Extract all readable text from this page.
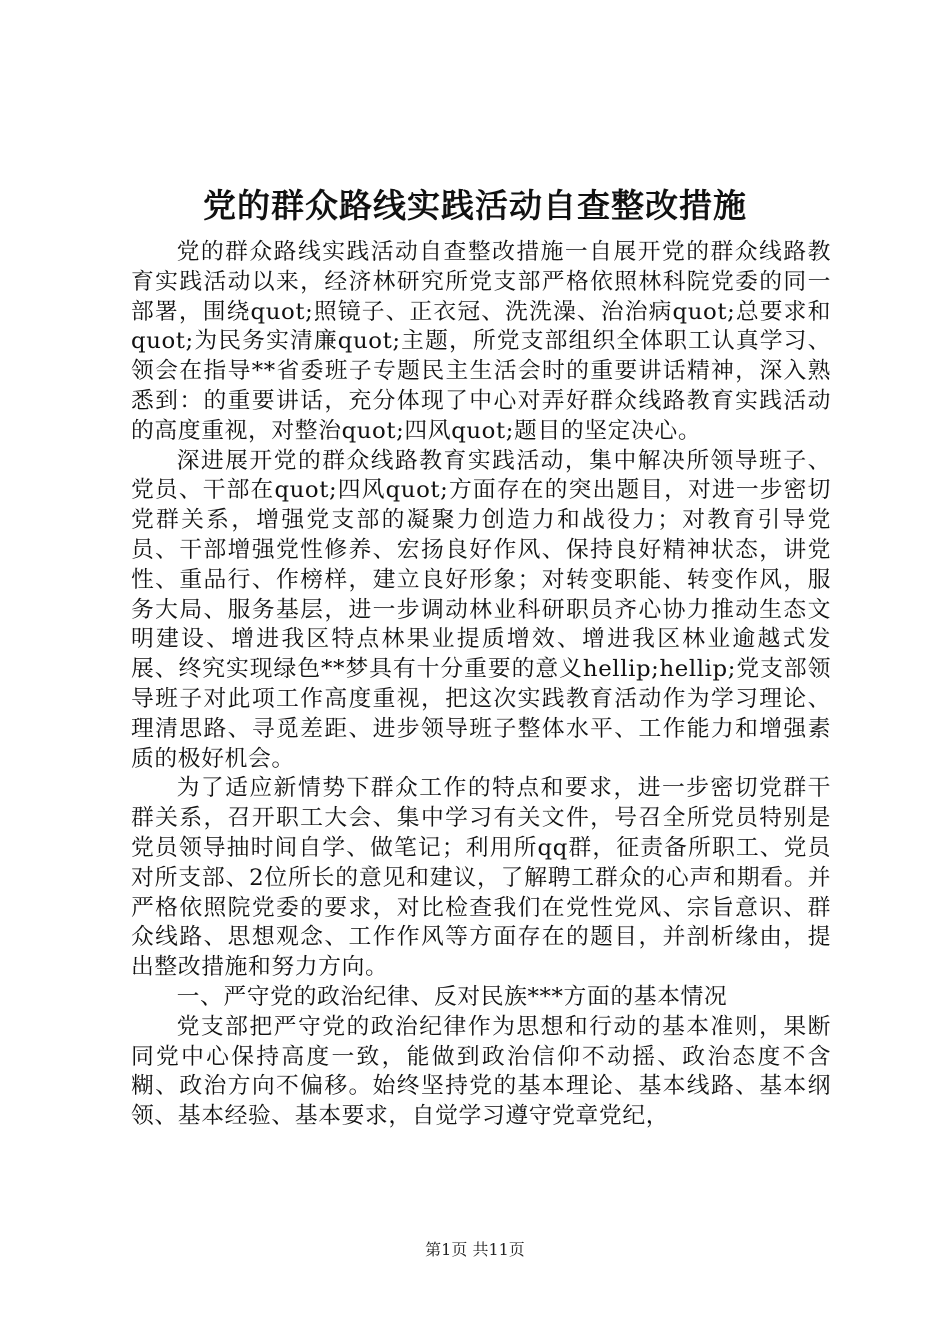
党的群众路线实践活动自查整改措施

党的群众路线实践活动自查整改措施一自展开党的群众线路教育实践活动以来，经济林研究所党支部严格依照林科院党委的同一部署，围绕quot;照镜子、正衣冠、洗洗澡、治治病quot;总要求和quot;为民务实清廉quot;主题，所党支部组织全体职工认真学习、领会在指导**省委班子专题民主生活会时的重要讲话精神，深入熟悉到：的重要讲话，充分体现了中心对弄好群众线路教育实践活动的高度重视，对整治quot;四风quot;题目的坚定决心。

深进展开党的群众线路教育实践活动，集中解决所领导班子、党员、干部在quot;四风quot;方面存在的突出题目，对进一步密切党群关系，增强党支部的凝聚力创造力和战役力；对教育引导党员、干部增强党性修养、宏扬良好作风、保持良好精神状态，讲党性、重品行、作榜样，建立良好形象；对转变职能、转变作风，服务大局、服务基层，进一步调动林业科研职员齐心协力推动生态文明建设、增进我区特点林果业提质增效、增进我区林业逾越式发展、终究实现绿色**梦具有十分重要的意义hellip;hellip;党支部领导班子对此项工作高度重视，把这次实践教育活动作为学习理论、理清思路、寻觅差距、进步领导班子整体水平、工作能力和增强素质的极好机会。

为了适应新情势下群众工作的特点和要求，进一步密切党群干群关系，召开职工大会、集中学习有关文件，号召全所党员特别是党员领导抽时间自学、做笔记；利用所qq群，征责备所职工、党员对所支部、2位所长的意见和建议，了解聘工群众的心声和期看。并严格依照院党委的要求，对比检查我们在党性党风、宗旨意识、群众线路、思想观念、工作作风等方面存在的题目，并剖析缘由，提出整改措施和努力方向。

一、严守党的政治纪律、反对民族***方面的基本情况

党支部把严守党的政治纪律作为思想和行动的基本准则，果断同党中心保持高度一致，能做到政治信仰不动摇、政治态度不含糊、政治方向不偏移。始终坚持党的基本理论、基本线路、基本纲领、基本经验、基本要求，自觉学习遵守党章党纪，

第1页 共11页
